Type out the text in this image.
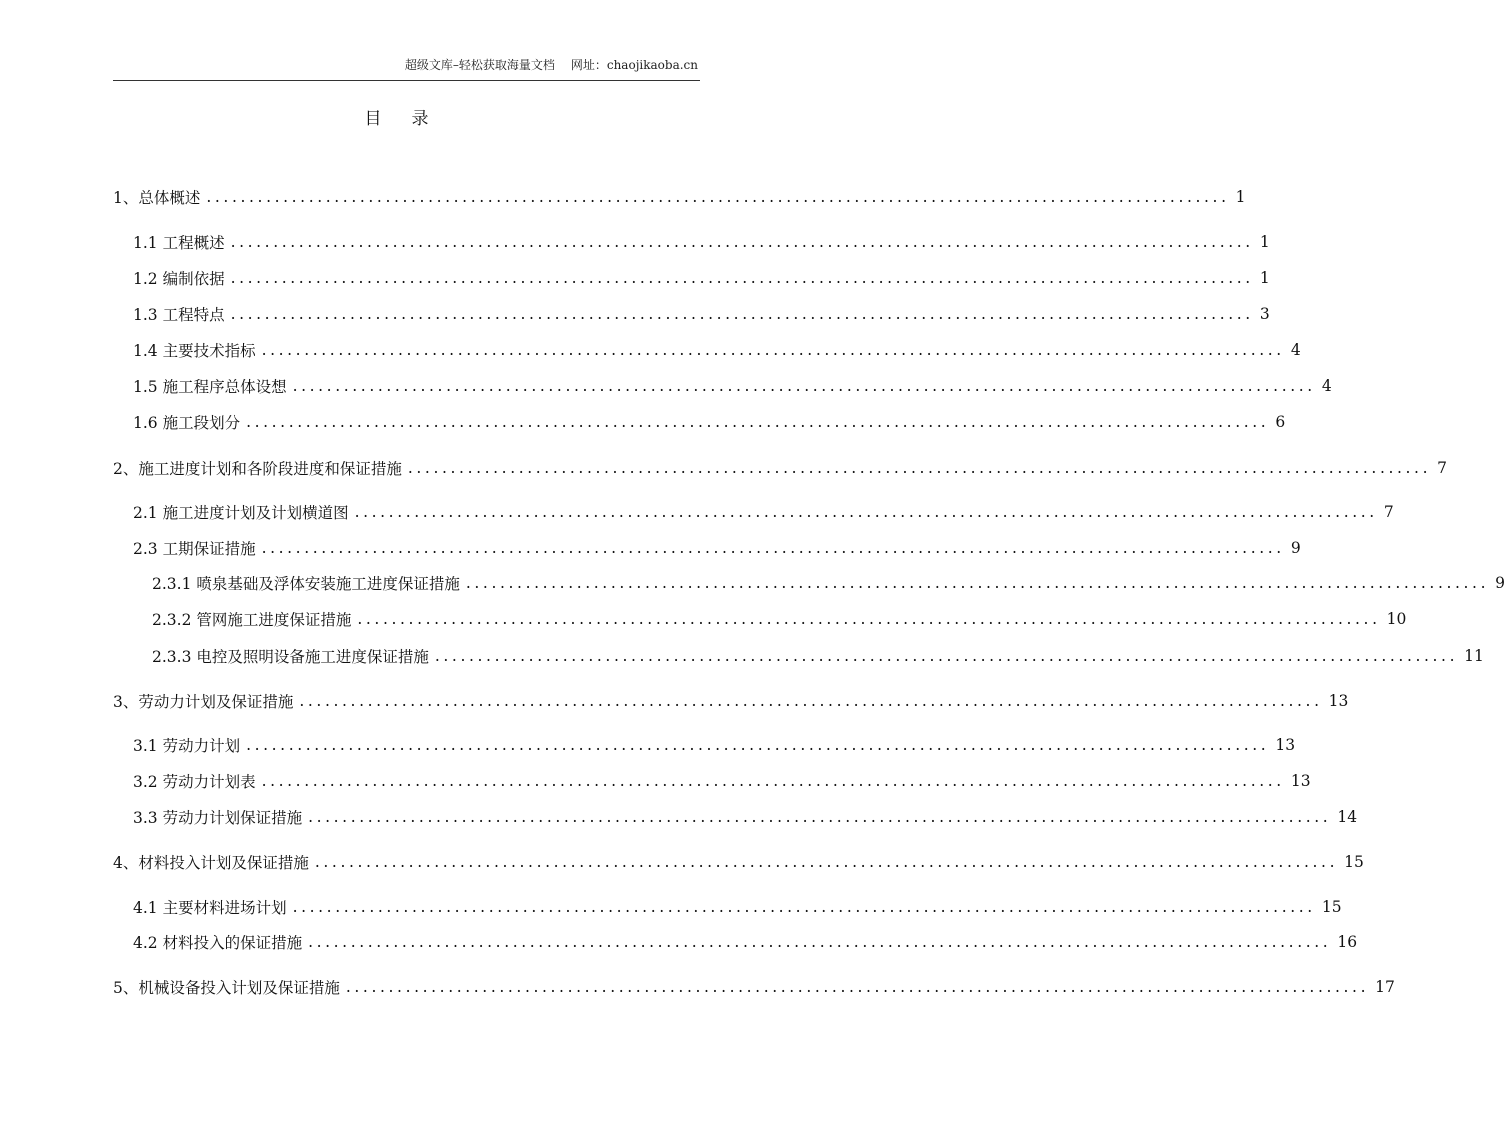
超级文库–轻松获取海量文档 网址：chaojikaoba.cn
目录
1、总体概述 ........................................................................................................................ 1
1.1 工程概述 ........................................................................................................................ 1
1.2 编制依据 ........................................................................................................................ 1
1.3 工程特点 ........................................................................................................................ 3
1.4 主要技术指标 ........................................................................................................................ 4
1.5 施工程序总体设想 ........................................................................................................................ 4
1.6 施工段划分 ........................................................................................................................ 6
2、施工进度计划和各阶段进度和保证措施 ........................................................................................................................ 7
2.1 施工进度计划及计划横道图 ........................................................................................................................ 7
2.3 工期保证措施 ........................................................................................................................ 9
2.3.1 喷泉基础及浮体安装施工进度保证措施 ........................................................................................................................ 9
2.3.2 管网施工进度保证措施 ........................................................................................................................ 10
2.3.3 电控及照明设备施工进度保证措施 ........................................................................................................................ 11
3、劳动力计划及保证措施 ........................................................................................................................ 13
3.1 劳动力计划 ........................................................................................................................ 13
3.2 劳动力计划表 ........................................................................................................................ 13
3.3 劳动力计划保证措施 ........................................................................................................................ 14
4、材料投入计划及保证措施 ........................................................................................................................ 15
4.1 主要材料进场计划 ........................................................................................................................ 15
4.2 材料投入的保证措施 ........................................................................................................................ 16
5、机械设备投入计划及保证措施 ........................................................................................................................ 17
